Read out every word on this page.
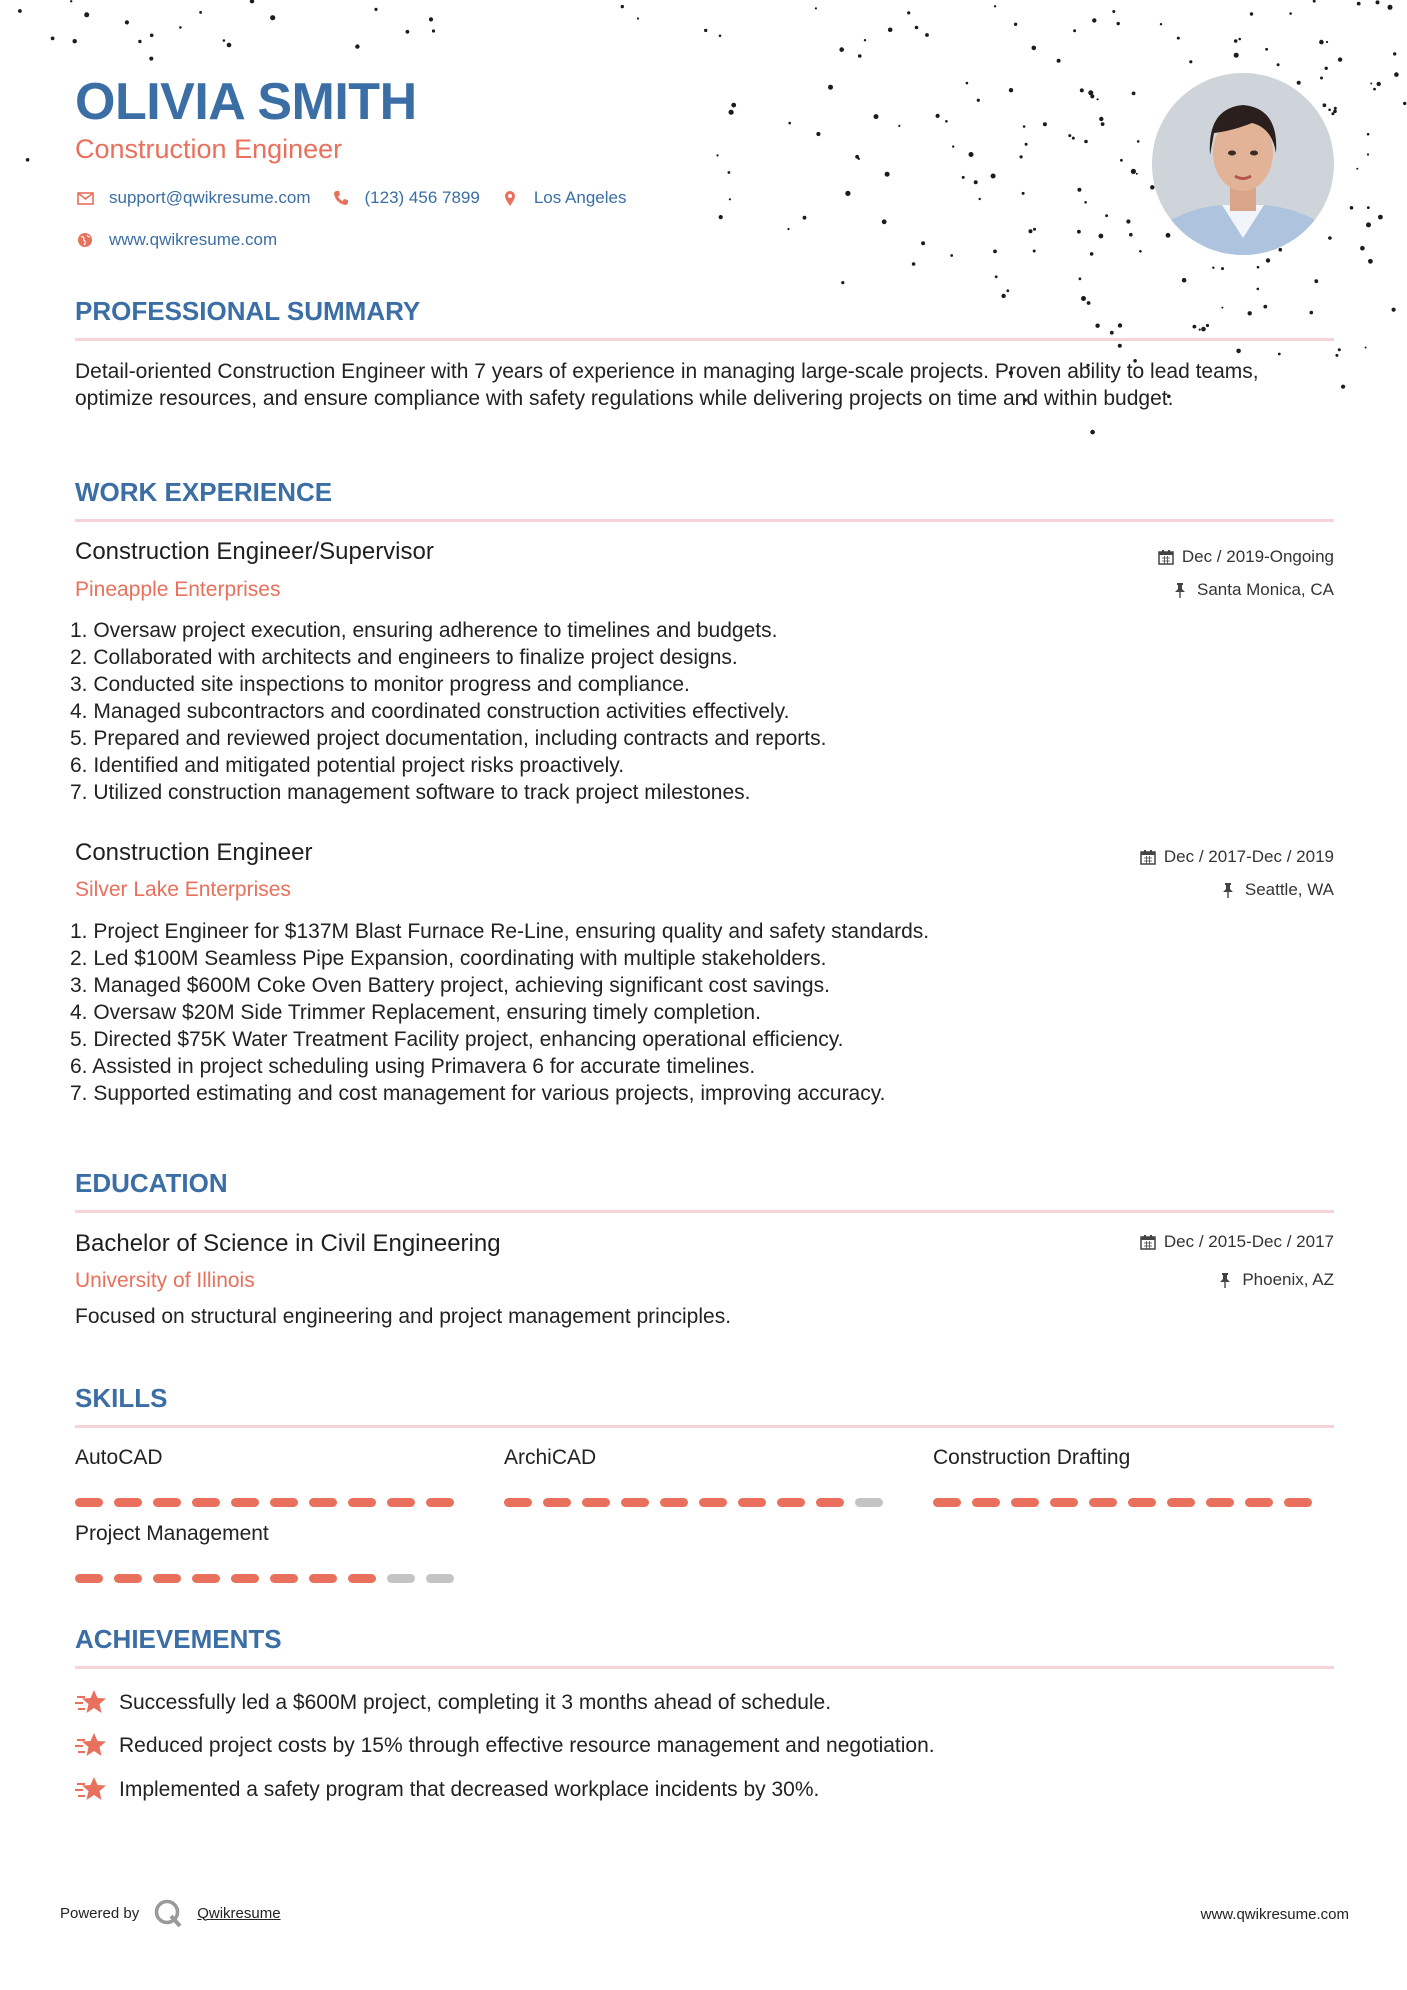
OLIVIA SMITH
Construction Engineer
support@qwikresume.com	(123) 456 7899	Los Angeles
www.qwikresume.com
PROFESSIONAL SUMMARY
Detail-oriented Construction Engineer with 7 years of experience in managing large-scale projects. Proven ability to lead teams, optimize resources, and ensure compliance with safety regulations while delivering projects on time and within budget.
WORK EXPERIENCE
Construction Engineer/Supervisor
Pineapple Enterprises
Dec / 2019-Ongoing
Santa Monica, CA
1. Oversaw project execution, ensuring adherence to timelines and budgets.
2. Collaborated with architects and engineers to finalize project designs.
3. Conducted site inspections to monitor progress and compliance.
4. Managed subcontractors and coordinated construction activities effectively.
5. Prepared and reviewed project documentation, including contracts and reports.
6. Identified and mitigated potential project risks proactively.
7. Utilized construction management software to track project milestones.
Construction Engineer
Silver Lake Enterprises
Dec / 2017-Dec / 2019
Seattle, WA
1. Project Engineer for $137M Blast Furnace Re-Line, ensuring quality and safety standards.
2. Led $100M Seamless Pipe Expansion, coordinating with multiple stakeholders.
3. Managed $600M Coke Oven Battery project, achieving significant cost savings.
4. Oversaw $20M Side Trimmer Replacement, ensuring timely completion.
5. Directed $75K Water Treatment Facility project, enhancing operational efficiency.
6. Assisted in project scheduling using Primavera 6 for accurate timelines.
7. Supported estimating and cost management for various projects, improving accuracy.
EDUCATION
Bachelor of Science in Civil Engineering
University of Illinois
Dec / 2015-Dec / 2017
Phoenix, AZ
Focused on structural engineering and project management principles.
SKILLS
AutoCAD	ArchiCAD	Construction Drafting
Project Management
ACHIEVEMENTS
Successfully led a $600M project, completing it 3 months ahead of schedule.
Reduced project costs by 15% through effective resource management and negotiation.
Implemented a safety program that decreased workplace incidents by 30%.
Powered by	Qwikresume	www.qwikresume.com
